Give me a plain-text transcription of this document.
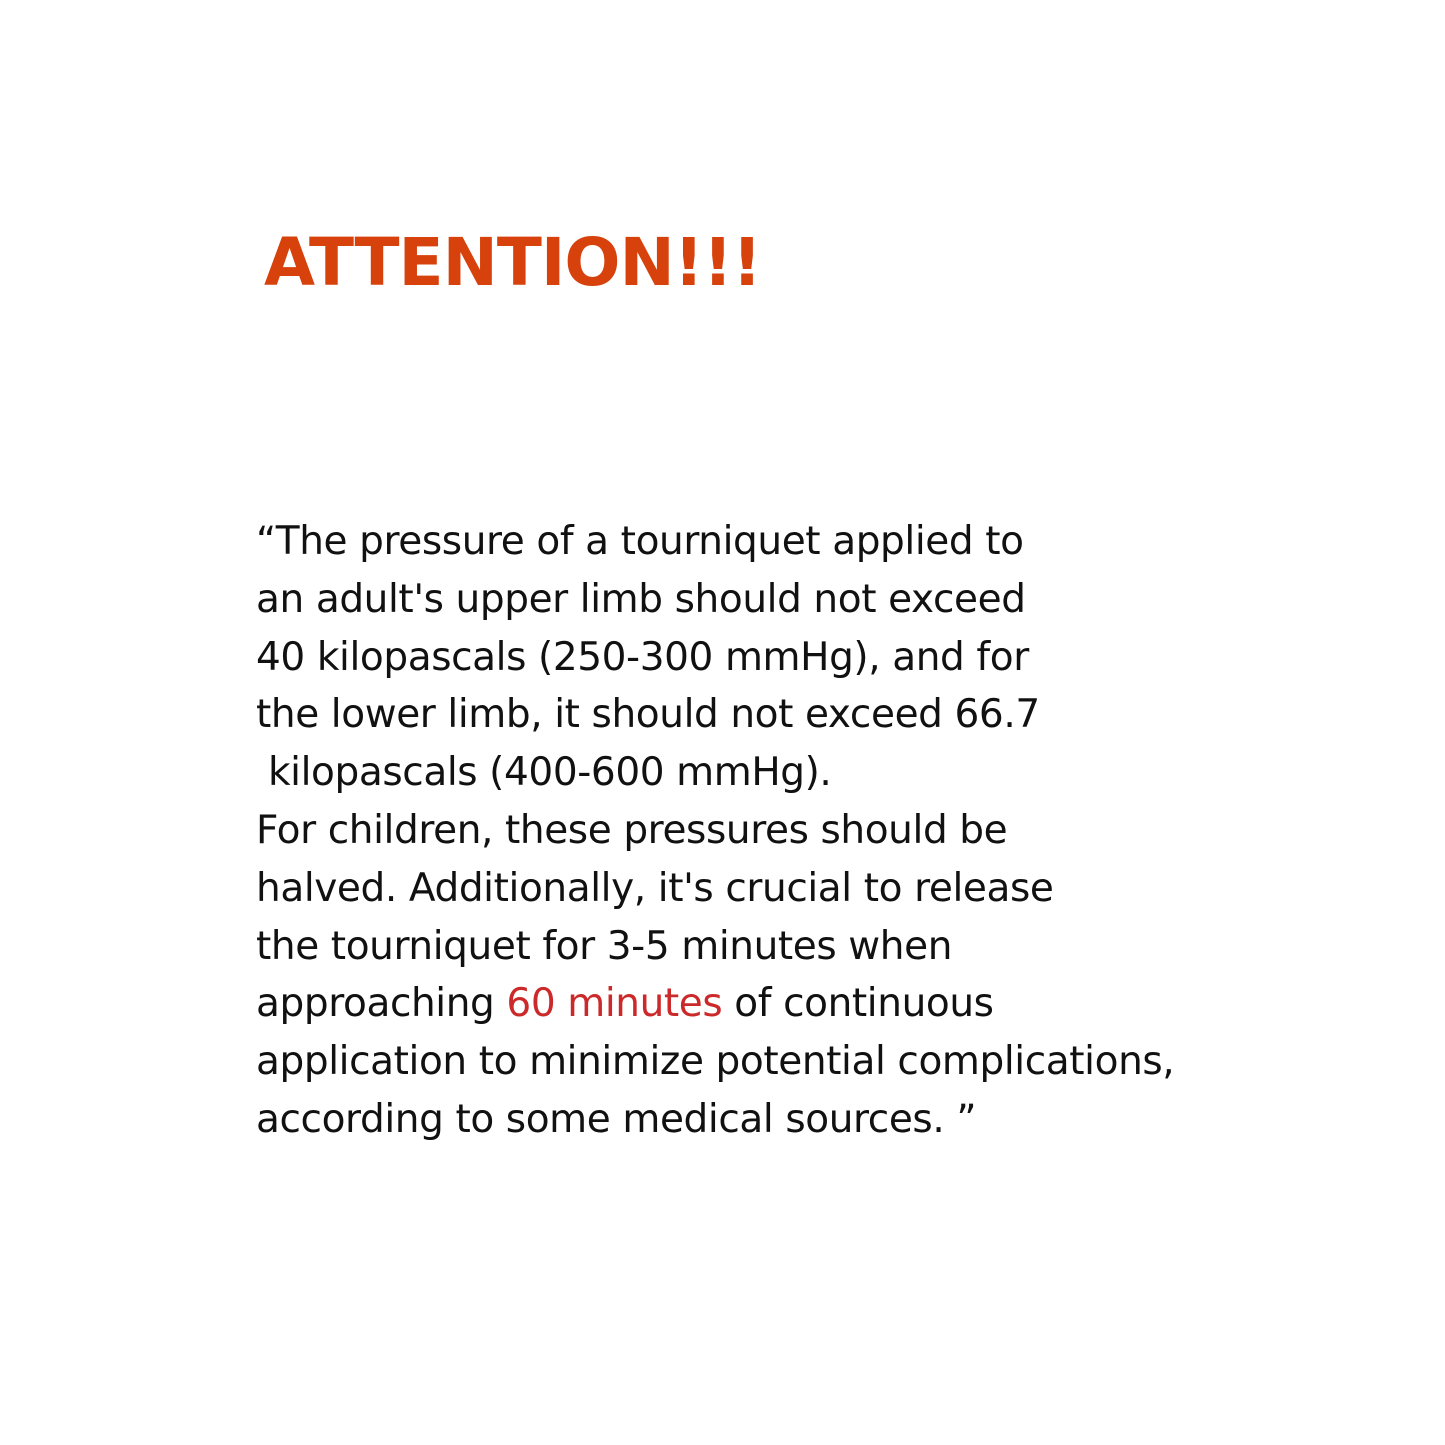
ATTENTION!!!
“The pressure of a tourniquet applied to
an adult's upper limb should not exceed
40 kilopascals (250-300 mmHg), and for
the lower limb, it should not exceed 66.7
kilopascals (400-600 mmHg).
For children, these pressures should be
halved. Additionally, it's crucial to release
the tourniquet for 3-5 minutes when
approaching 60 minutes of continuous
application to minimize potential complications,
according to some medical sources. ”
